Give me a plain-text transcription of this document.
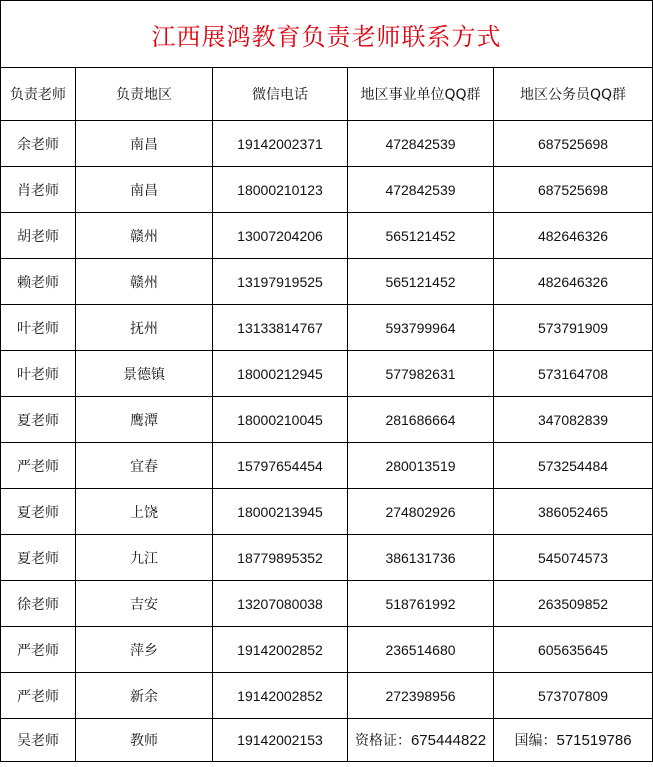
江西展鸿教育负责老师联系方式				
负责老师	负责地区	微信电话	地区事业单位QQ群	地区公务员QQ群
余老师	南昌	19142002371	472842539	687525698
肖老师	南昌	18000210123	472842539	687525698
胡老师	赣州	13007204206	565121452	482646326
赖老师	赣州	13197919525	565121452	482646326
叶老师	抚州	13133814767	593799964	573791909
叶老师	景德镇	18000212945	577982631	573164708
夏老师	鹰潭	18000210045	281686664	347082839
严老师	宜春	15797654454	280013519	573254484
夏老师	上饶	18000213945	274802926	386052465
夏老师	九江	18779895352	386131736	545074573
徐老师	吉安	13207080038	518761992	263509852
严老师	萍乡	19142002852	236514680	605635645
严老师	新余	19142002852	272398956	573707809
吴老师	教师	19142002153	资格证：675444822	国编：571519786
